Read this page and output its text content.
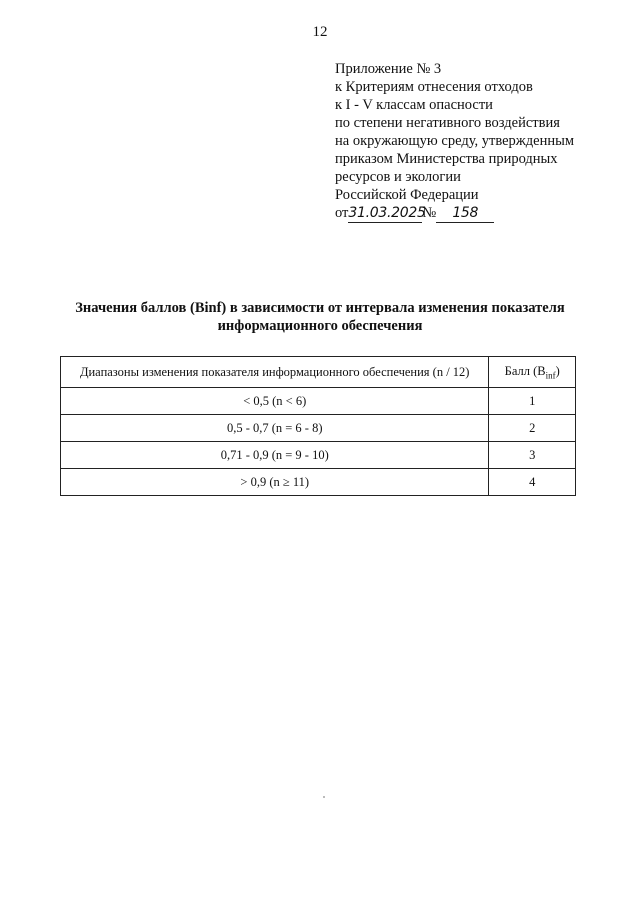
12
Приложение № 3
к Критериям отнесения отходов
к I - V классам опасности
по степени негативного воздействия
на окружающую среду, утвержденным
приказом Министерства природных
ресурсов и экологии
Российской Федерации
от31.03.2025№ 158
Значения баллов (Binf) в зависимости от интервала изменения показателя
информационного обеспечения
Диапазоны изменения показателя информационного обеспечения (n / 12)	Балл $(B_{inf})$
< 0,5 (n < 6)	1
0,5 - 0,7 (n = 6 - 8)	2
0,71 - 0,9 (n = 9 - 10)	3
> 0,9 (n ≥ 11)	4
